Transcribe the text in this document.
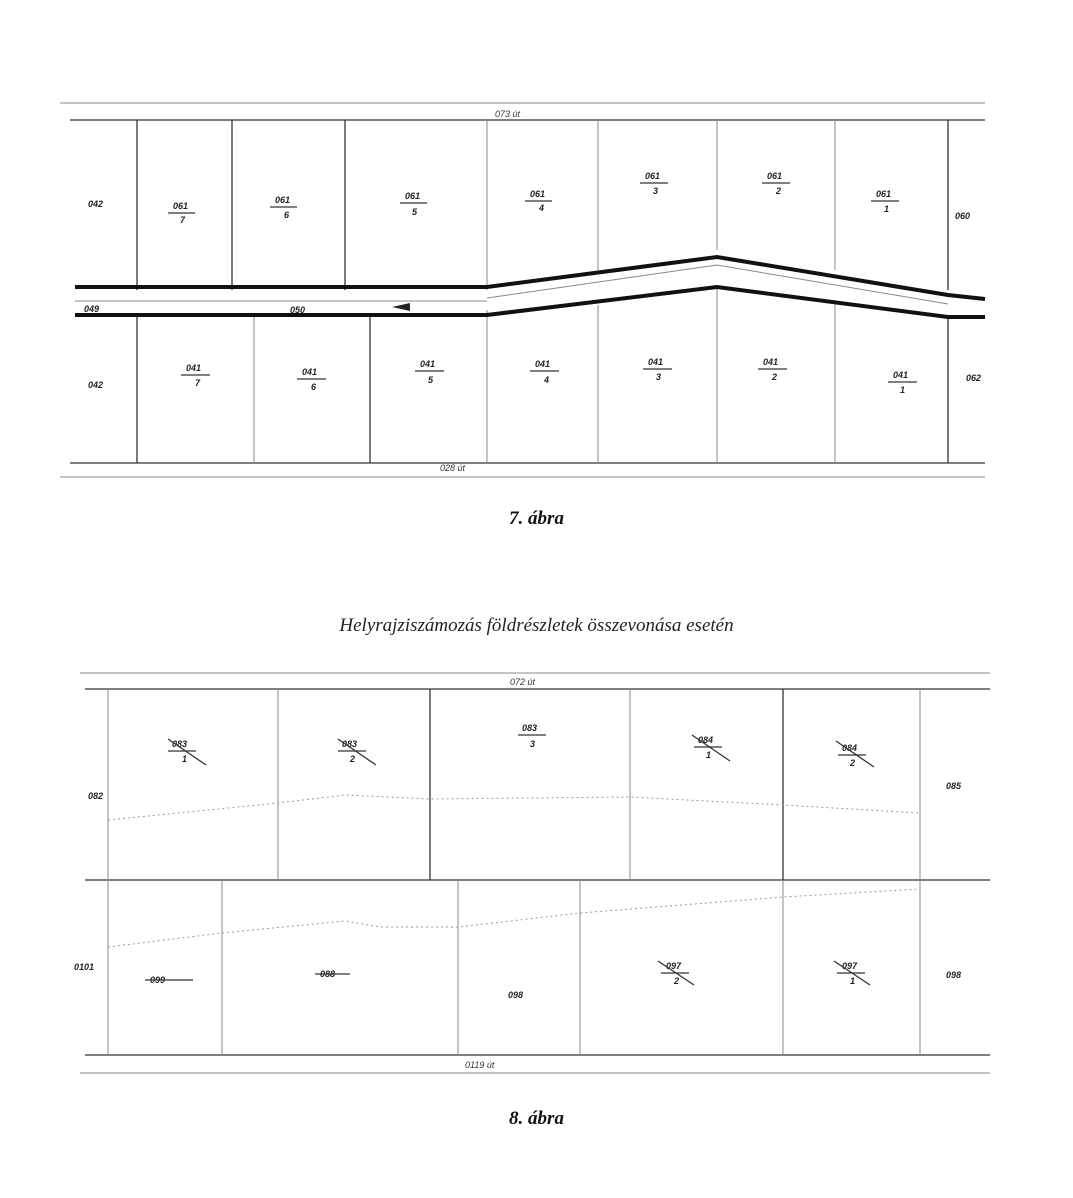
073 út
028 út
042
049
042
060
062
050
061
7
061
6
061
5
061
4
061
3
061
2	061
1
041
7
041
6
041
5
041
4
041
3
041
2	041
1
7. ábra
Helyrajziszámozás földrészletek összevonása esetén
072 út
0119 út
082
0101
085
098
083
1
083
2
083
3	084
1
084
2
099
088
098
097
2
097
1
8. ábra
